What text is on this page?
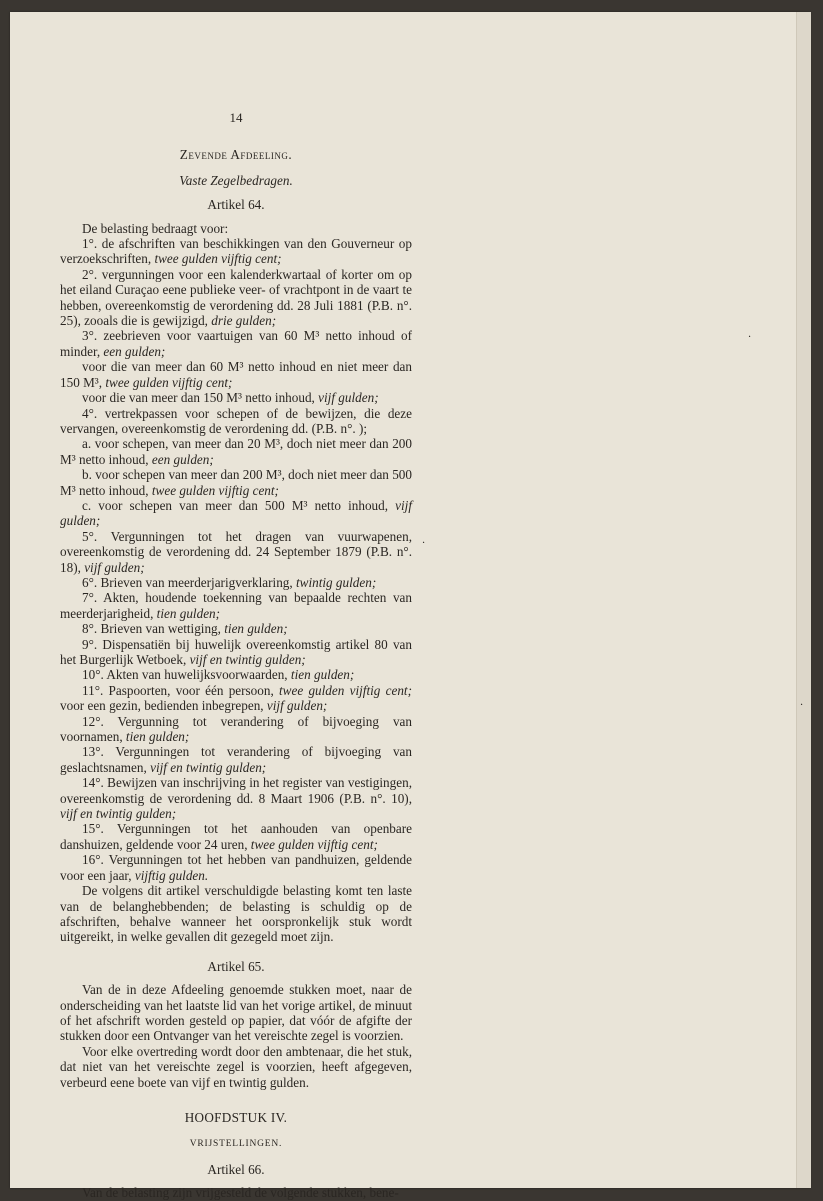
14
Zevende Afdeeling.
Vaste Zegelbedragen.
Artikel 64.

De belasting bedraagt voor:

1°. de afschriften van beschikkingen van den Gouverneur op verzoekschriften, twee gulden vijftig cent;

2°. vergunningen voor een kalenderkwartaal of korter om op het eiland Curaçao eene publieke veer- of vrachtpont in de vaart te hebben, overeenkomstig de verordening dd. 28 Juli 1881 (P.B. n°. 25), zooals die is gewijzigd, drie gulden;

3°. zeebrieven voor vaartuigen van 60 M³ netto inhoud of minder, een gulden;

voor die van meer dan 60 M³ netto inhoud en niet meer dan 150 M³, twee gulden vijftig cent;

voor die van meer dan 150 M³ netto inhoud, vijf gulden;

4°. vertrekpassen voor schepen of de bewijzen, die deze vervangen, overeenkomstig de verordening dd. (P.B. n°. );

a. voor schepen, van meer dan 20 M³, doch niet meer dan 200 M³ netto inhoud, een gulden;

b. voor schepen van meer dan 200 M³, doch niet meer dan 500 M³ netto inhoud, twee gulden vijftig cent;

c. voor schepen van meer dan 500 M³ netto inhoud, vijf gulden;

5°. Vergunningen tot het dragen van vuurwapenen, overeenkomstig de verordening dd. 24 September 1879 (P.B. n°. 18), vijf gulden;

6°. Brieven van meerderjarigverklaring, twintig gulden;

7°. Akten, houdende toekenning van bepaalde rechten van meerderjarigheid, tien gulden;

8°. Brieven van wettiging, tien gulden;

9°. Dispensatiën bij huwelijk overeenkomstig artikel 80 van het Burgerlijk Wetboek, vijf en twintig gulden;

10°. Akten van huwelijksvoorwaarden, tien gulden;

11°. Paspoorten, voor één persoon, twee gulden vijftig cent; voor een gezin, bedienden inbegrepen, vijf gulden;

12°. Vergunning tot verandering of bijvoeging van voornamen, tien gulden;

13°. Vergunningen tot verandering of bijvoeging van geslachtsnamen, vijf en twintig gulden;

14°. Bewijzen van inschrijving in het register van vestigingen, overeenkomstig de verordening dd. 8 Maart 1906 (P.B. n°. 10), vijf en twintig gulden;

15°. Vergunningen tot het aanhouden van openbare danshuizen, geldende voor 24 uren, twee gulden vijftig cent;

16°. Vergunningen tot het hebben van pandhuizen, geldende voor een jaar, vijftig gulden.

De volgens dit artikel verschuldigde belasting komt ten laste van de belanghebbenden; de belasting is schuldig op de afschriften, behalve wanneer het oorspronkelijk stuk wordt uitgereikt, in welke gevallen dit gezegeld moet zijn.

Artikel 65.

Van de in deze Afdeeling genoemde stukken moet, naar de onderscheiding van het laatste lid van het vorige artikel, de minuut of het afschrift worden gesteld op papier, dat vóór de afgifte der stukken door een Ontvanger van het vereischte zegel is voorzien.

Voor elke overtreding wordt door den ambtenaar, die het stuk, dat niet van het vereischte zegel is voorzien, heeft afgegeven, verbeurd eene boete van vijf en twintig gulden.

HOOFDSTUK IV.
VRIJSTELLINGEN.
Artikel 66.

Van de belasting zijn vrijgesteld de volgende stukken, bene-

·
·
·
